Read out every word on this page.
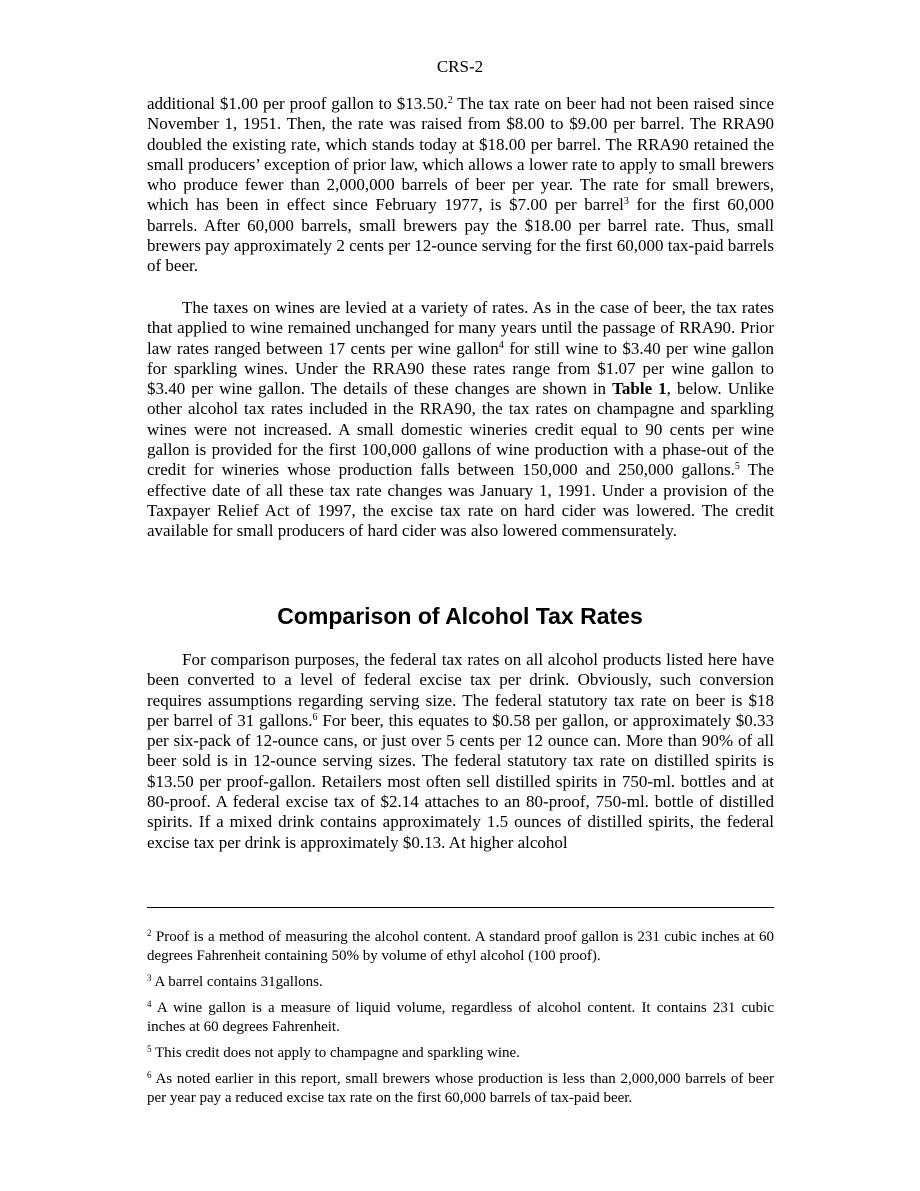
CRS-2

additional $1.00 per proof gallon to $13.50.$^2$ The tax rate on beer had not been raised since November 1, 1951. Then, the rate was raised from $8.00 to $9.00 per barrel. The RRA90 doubled the existing rate, which stands today at $18.00 per barrel. The RRA90 retained the small producers’ exception of prior law, which allows a lower rate to apply to small brewers who produce fewer than 2,000,000 barrels of beer per year. The rate for small brewers, which has been in effect since February 1977, is $7.00 per barrel$^3$ for the first 60,000 barrels. After 60,000 barrels, small brewers pay the $18.00 per barrel rate. Thus, small brewers pay approximately 2 cents per 12-ounce serving for the first 60,000 tax-paid barrels of beer.

The taxes on wines are levied at a variety of rates. As in the case of beer, the tax rates that applied to wine remained unchanged for many years until the passage of RRA90. Prior law rates ranged between 17 cents per wine gallon$^4$ for still wine to $3.40 per wine gallon for sparkling wines. Under the RRA90 these rates range from $1.07 per wine gallon to $3.40 per wine gallon. The details of these changes are shown in Table 1, below. Unlike other alcohol tax rates included in the RRA90, the tax rates on champagne and sparkling wines were not increased. A small domestic wineries credit equal to 90 cents per wine gallon is provided for the first 100,000 gallons of wine production with a phase-out of the credit for wineries whose production falls between 150,000 and 250,000 gallons.$^5$ The effective date of all these tax rate changes was January 1, 1991. Under a provision of the Taxpayer Relief Act of 1997, the excise tax rate on hard cider was lowered. The credit available for small producers of hard cider was also lowered commensurately.

Comparison of Alcohol Tax Rates

For comparison purposes, the federal tax rates on all alcohol products listed here have been converted to a level of federal excise tax per drink. Obviously, such conversion requires assumptions regarding serving size. The federal statutory tax rate on beer is $18 per barrel of 31 gallons.$^6$ For beer, this equates to $0.58 per gallon, or approximately $0.33 per six-pack of 12-ounce cans, or just over 5 cents per 12 ounce can. More than 90% of all beer sold is in 12-ounce serving sizes. The federal statutory tax rate on distilled spirits is $13.50 per proof-gallon. Retailers most often sell distilled spirits in 750-ml. bottles and at 80-proof. A federal excise tax of $2.14 attaches to an 80-proof, 750-ml. bottle of distilled spirits. If a mixed drink contains approximately 1.5 ounces of distilled spirits, the federal excise tax per drink is approximately $0.13. At higher alcohol

$^2$ Proof is a method of measuring the alcohol content. A standard proof gallon is 231 cubic inches at 60 degrees Fahrenheit containing 50% by volume of ethyl alcohol (100 proof).

$^3$ A barrel contains 31gallons.

$^4$ A wine gallon is a measure of liquid volume, regardless of alcohol content. It contains 231 cubic inches at 60 degrees Fahrenheit.

$^5$ This credit does not apply to champagne and sparkling wine.

$^6$ As noted earlier in this report, small brewers whose production is less than 2,000,000 barrels of beer per year pay a reduced excise tax rate on the first 60,000 barrels of tax-paid beer.
